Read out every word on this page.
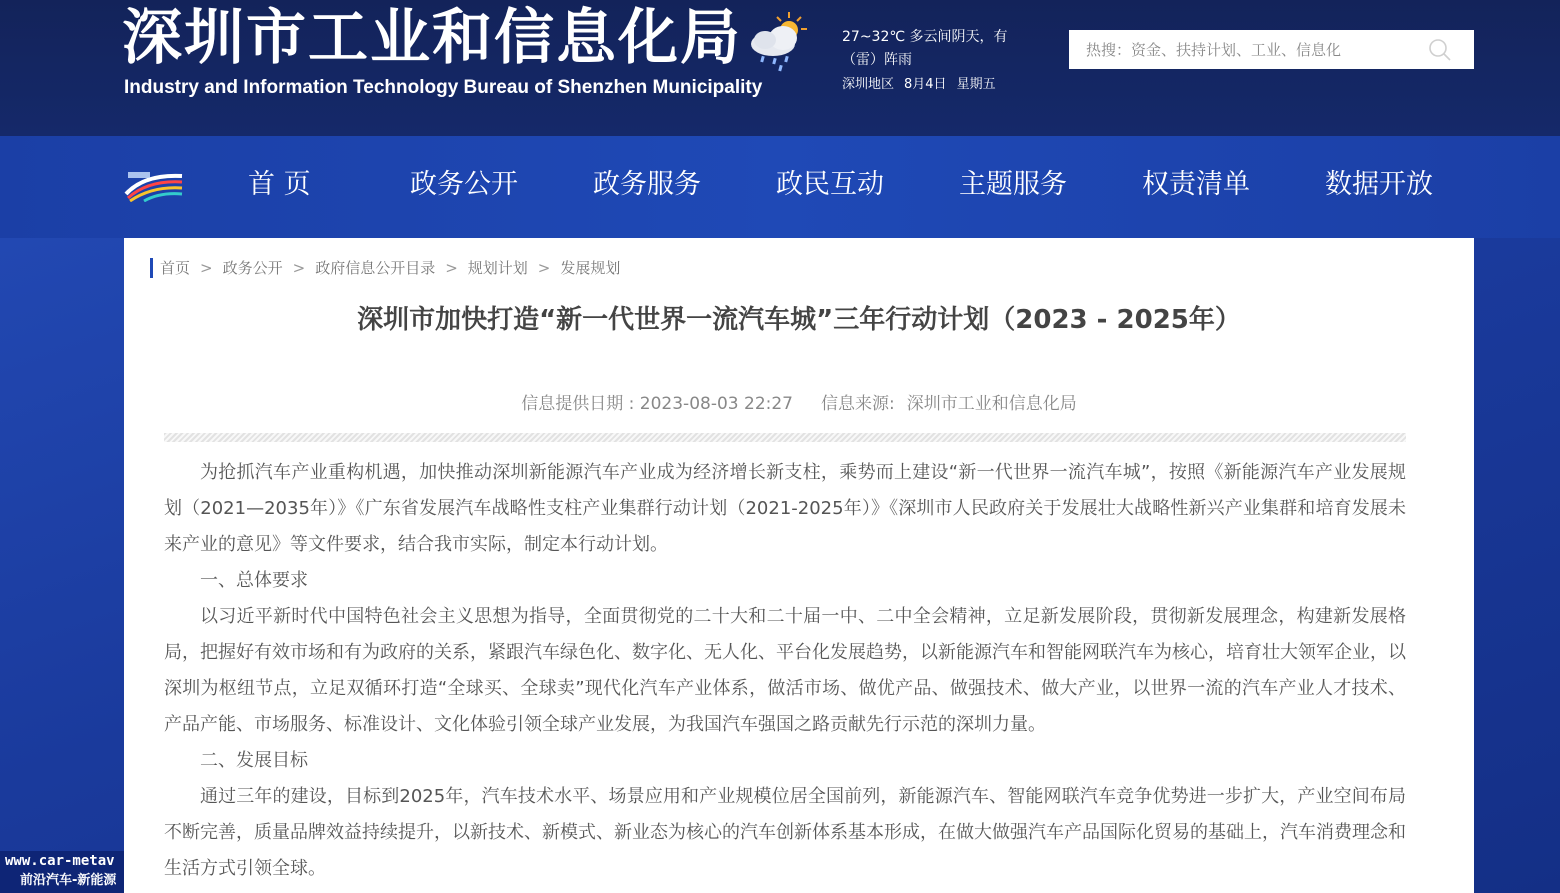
深圳市工业和信息化局
Industry and Information Technology Bureau of Shenzhen Municipality
27~32℃ 多云间阴天，有（雷）阵雨
深圳地区 8月4日 星期五
热搜：资金、扶持计划、工业、信息化
首 页	政务公开	政务服务	政民互动	主题服务	权责清单	数据开放
首页 > 政务公开 > 政府信息公开目录 > 规划计划 > 发展规划
深圳市加快打造“新一代世界一流汽车城”三年行动计划（2023 - 2025年）
信息提供日期 : 2023-08-03 22:27 信息来源: 深圳市工业和信息化局

为抢抓汽车产业重构机遇，加快推动深圳新能源汽车产业成为经济增长新支柱，乘势而上建设“新一代世界一流汽车城”，按照《新能源汽车产业发展规划（2021—2035年）》《广东省发展汽车战略性支柱产业集群行动计划（2021-2025年）》《深圳市人民政府关于发展壮大战略性新兴产业集群和培育发展未来产业的意见》等文件要求，结合我市实际，制定本行动计划。

一、总体要求

以习近平新时代中国特色社会主义思想为指导，全面贯彻党的二十大和二十届一中、二中全会精神，立足新发展阶段，贯彻新发展理念，构建新发展格局，把握好有效市场和有为政府的关系，紧跟汽车绿色化、数字化、无人化、平台化发展趋势，以新能源汽车和智能网联汽车为核心，培育壮大领军企业，以深圳为枢纽节点，立足双循环打造“全球买、全球卖”现代化汽车产业体系，做活市场、做优产品、做强技术、做大产业，以世界一流的汽车产业人才技术、产品产能、市场服务、标准设计、文化体验引领全球产业发展，为我国汽车强国之路贡献先行示范的深圳力量。

二、发展目标

通过三年的建设，目标到2025年，汽车技术水平、场景应用和产业规模位居全国前列，新能源汽车、智能网联汽车竞争优势进一步扩大，产业空间布局不断完善，质量品牌效益持续提升，以新技术、新模式、新业态为核心的汽车创新体系基本形成，在做大做强汽车产品国际化贸易的基础上，汽车消费理念和生活方式引领全球。

www.car-metav
前沿汽车-新能源
